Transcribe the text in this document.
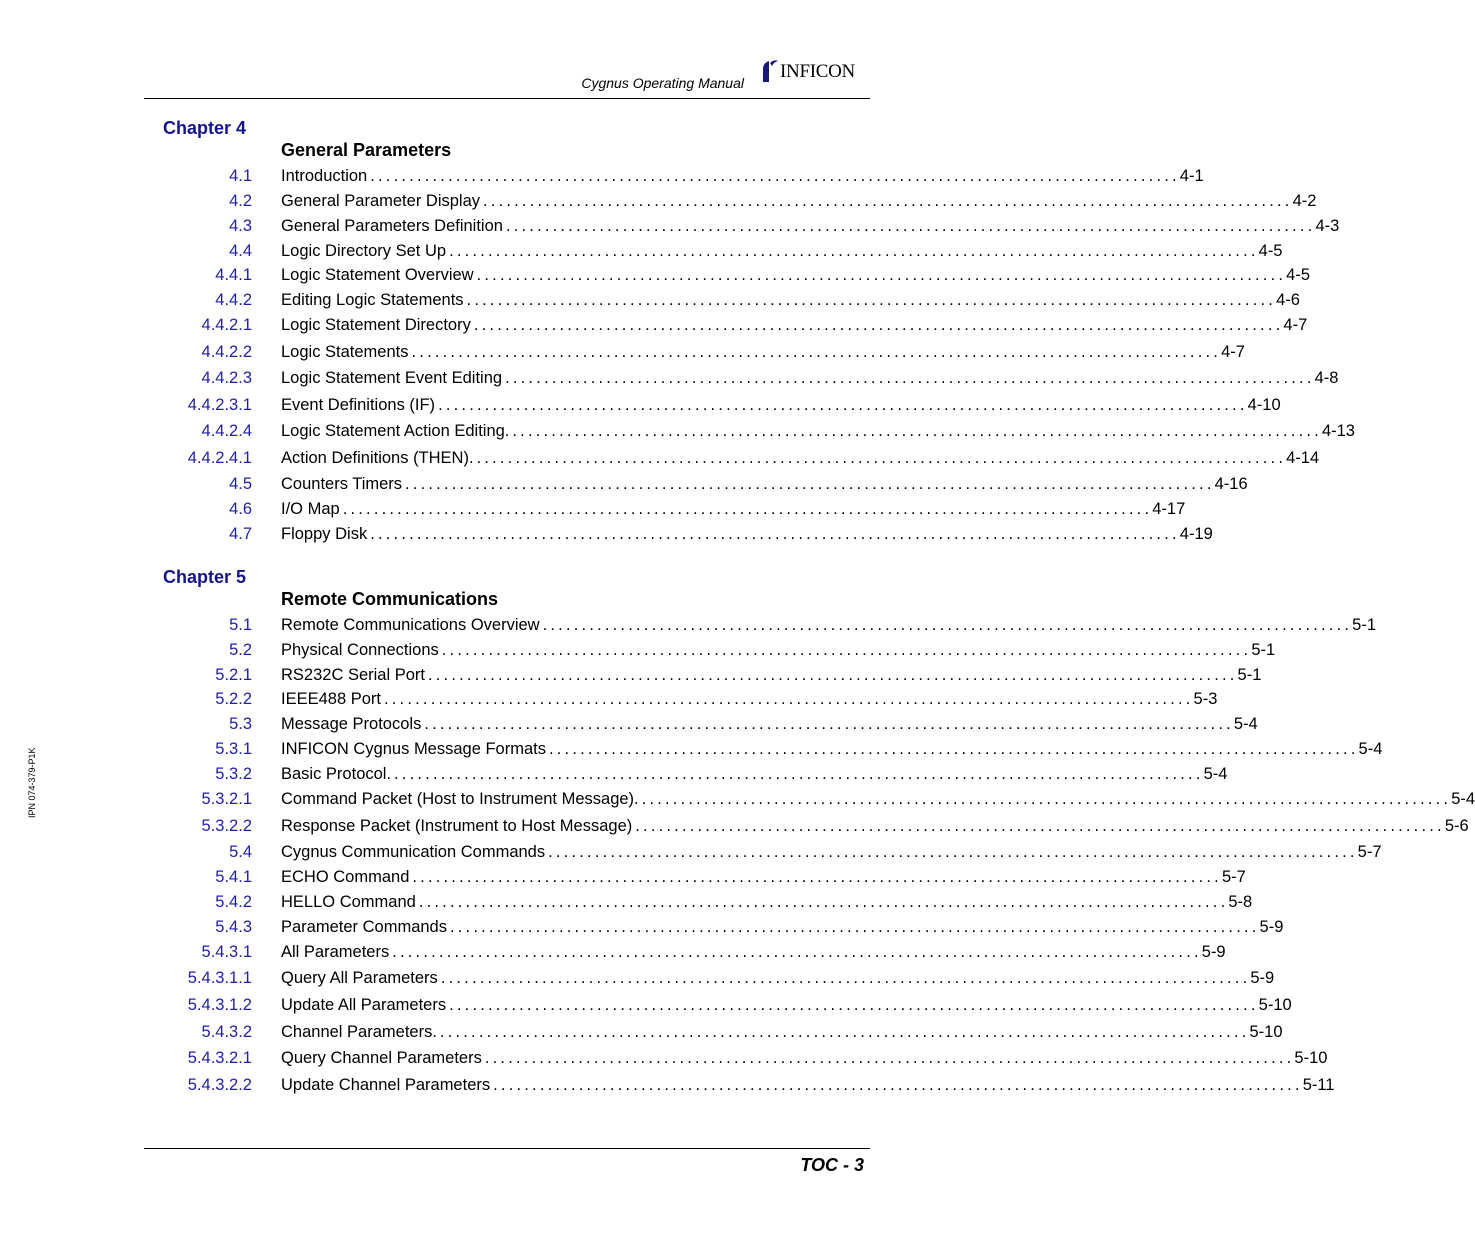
Cygnus Operating Manual
INFICON
IPN 074-379-P1K
Chapter 4
General Parameters
4.1 Introduction ........................................................................................................ 4-1
4.2 General Parameter Display ........................................................................................................ 4-2
4.3 General Parameters Definition ........................................................................................................ 4-3
4.4 Logic Directory Set Up ........................................................................................................ 4-5
4.4.1 Logic Statement Overview ........................................................................................................ 4-5
4.4.2 Editing Logic Statements ........................................................................................................ 4-6
4.4.2.1 Logic Statement Directory ........................................................................................................ 4-7
4.4.2.2 Logic Statements ........................................................................................................ 4-7
4.4.2.3 Logic Statement Event Editing ........................................................................................................ 4-8
4.4.2.3.1 Event Definitions (IF) ........................................................................................................ 4-10
4.4.2.4 Logic Statement Action Editing. ........................................................................................................ 4-13
4.4.2.4.1 Action Definitions (THEN). ........................................................................................................ 4-14
4.5 Counters Timers ........................................................................................................ 4-16
4.6 I/O Map ........................................................................................................ 4-17
4.7 Floppy Disk ........................................................................................................ 4-19
Chapter 5
Remote Communications
5.1 Remote Communications Overview ........................................................................................................ 5-1
5.2 Physical Connections ........................................................................................................ 5-1
5.2.1 RS232C Serial Port ........................................................................................................ 5-1
5.2.2 IEEE488 Port ........................................................................................................ 5-3
5.3 Message Protocols ........................................................................................................ 5-4
5.3.1 INFICON Cygnus Message Formats ........................................................................................................ 5-4
5.3.2 Basic Protocol. ........................................................................................................ 5-4
5.3.2.1 Command Packet (Host to Instrument Message). ........................................................................................................ 5-4
5.3.2.2 Response Packet (Instrument to Host Message) ........................................................................................................ 5-6
5.4 Cygnus Communication Commands ........................................................................................................ 5-7
5.4.1 ECHO Command ........................................................................................................ 5-7
5.4.2 HELLO Command ........................................................................................................ 5-8
5.4.3 Parameter Commands ........................................................................................................ 5-9
5.4.3.1 All Parameters ........................................................................................................ 5-9
5.4.3.1.1 Query All Parameters ........................................................................................................ 5-9
5.4.3.1.2 Update All Parameters ........................................................................................................ 5-10
5.4.3.2 Channel Parameters. ........................................................................................................ 5-10
5.4.3.2.1 Query Channel Parameters ........................................................................................................ 5-10
5.4.3.2.2 Update Channel Parameters ........................................................................................................ 5-11
TOC - 3
